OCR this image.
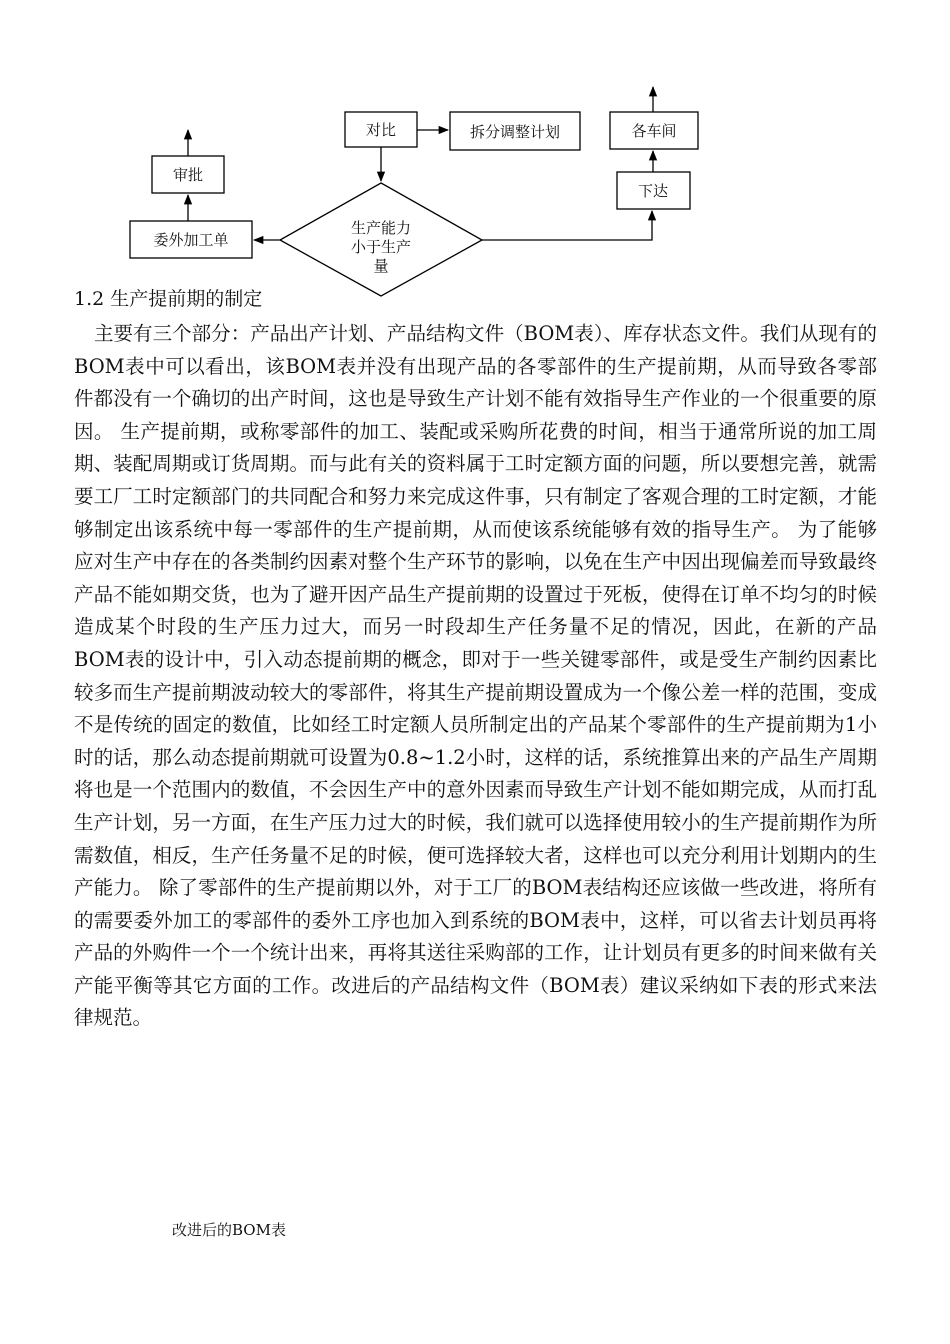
对比	拆分调整计划	各车间
下达
审批
委外加工单
生产能力
小于生产
量
1.2 生产提前期的制定

主要有三个部分：产品出产计划、产品结构文件（BOM表）、库存状态文件。我们从现有的BOM表中可以看出，该BOM表并没有出现产品的各零部件的生产提前期，从而导致各零部件都没有一个确切的出产时间，这也是导致生产计划不能有效指导生产作业的一个很重要的原因。 生产提前期，或称零部件的加工、装配或采购所花费的时间，相当于通常所说的加工周期、装配周期或订货周期。而与此有关的资料属于工时定额方面的问题，所以要想完善，就需要工厂工时定额部门的共同配合和努力来完成这件事，只有制定了客观合理的工时定额，才能够制定出该系统中每一零部件的生产提前期，从而使该系统能够有效的指导生产。 为了能够应对生产中存在的各类制约因素对整个生产环节的影响，以免在生产中因出现偏差而导致最终产品不能如期交货，也为了避开因产品生产提前期的设置过于死板，使得在订单不均匀的时候造成某个时段的生产压力过大，而另一时段却生产任务量不足的情况，因此，在新的产品BOM表的设计中，引入动态提前期的概念，即对于一些关键零部件，或是受生产制约因素比较多而生产提前期波动较大的零部件，将其生产提前期设置成为一个像公差一样的范围，变成不是传统的固定的数值，比如经工时定额人员所制定出的产品某个零部件的生产提前期为1小时的话，那么动态提前期就可设置为0.8~1.2小时，这样的话，系统推算出来的产品生产周期将也是一个范围内的数值，不会因生产中的意外因素而导致生产计划不能如期完成，从而打乱生产计划，另一方面，在生产压力过大的时候，我们就可以选择使用较小的生产提前期作为所需数值，相反，生产任务量不足的时候，便可选择较大者，这样也可以充分利用计划期内的生产能力。 除了零部件的生产提前期以外，对于工厂的BOM表结构还应该做一些改进，将所有的需要委外加工的零部件的委外工序也加入到系统的BOM表中，这样，可以省去计划员再将产品的外购件一个一个统计出来，再将其送往采购部的工作，让计划员有更多的时间来做有关产能平衡等其它方面的工作。改进后的产品结构文件（BOM表）建议采纳如下表的形式来法律规范。

改进后的BOM表
